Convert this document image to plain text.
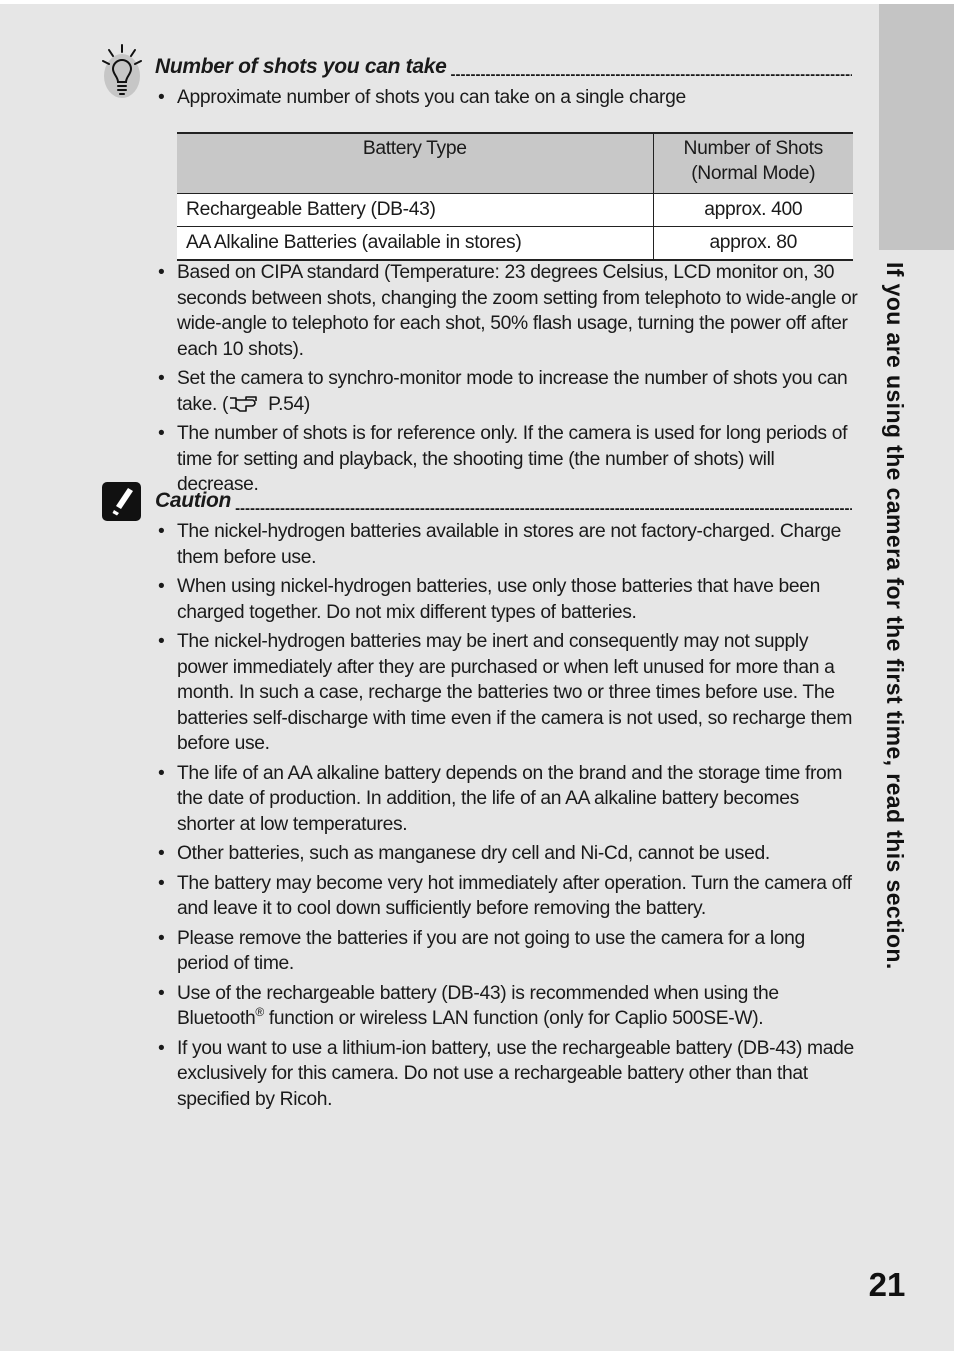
If you are using the camera for the first time, read this section.
Number of shots you can take
-----
• Approximate number of shots you can take on a single charge
Battery Type	Number of Shots
(Normal Mode)

Rechargeable Battery (DB-43)	approx. 400
AA Alkaline Batteries (available in stores)	approx. 80
• Based on CIPA standard (Temperature: 23 degrees Celsius, LCD monitor on, 30 seconds between shots, changing the zoom setting from telephoto to wide-angle or wide-angle to telephoto for each shot, 50% flash usage, turning the power off after each 10 shots).
• Set the camera to synchro-monitor mode to increase the number of shots you can take. ( P.54)
• The number of shots is for reference only. If the camera is used for long periods of time for setting and playback, the shooting time (the number of shots) will decrease.
Caution
-----
• The nickel-hydrogen batteries available in stores are not factory-charged. Charge them before use.
• When using nickel-hydrogen batteries, use only those batteries that have been charged together. Do not mix different types of batteries.
• The nickel-hydrogen batteries may be inert and consequently may not supply power immediately after they are purchased or when left unused for more than a month. In such a case, recharge the batteries two or three times before use. The batteries self-discharge with time even if the camera is not used, so recharge them before use.
• The life of an AA alkaline battery depends on the brand and the storage time from the date of production. In addition, the life of an AA alkaline battery becomes shorter at low temperatures.
• Other batteries, such as manganese dry cell and Ni-Cd, cannot be used.
• The battery may become very hot immediately after operation. Turn the camera off and leave it to cool down sufficiently before removing the battery.
• Please remove the batteries if you are not going to use the camera for a long period of time.
• Use of the rechargeable battery (DB-43) is recommended when using the Bluetooth® function or wireless LAN function (only for Caplio 500SE-W).
• If you want to use a lithium-ion battery, use the rechargeable battery (DB-43) made exclusively for this camera. Do not use a rechargeable battery other than that specified by Ricoh.
21
